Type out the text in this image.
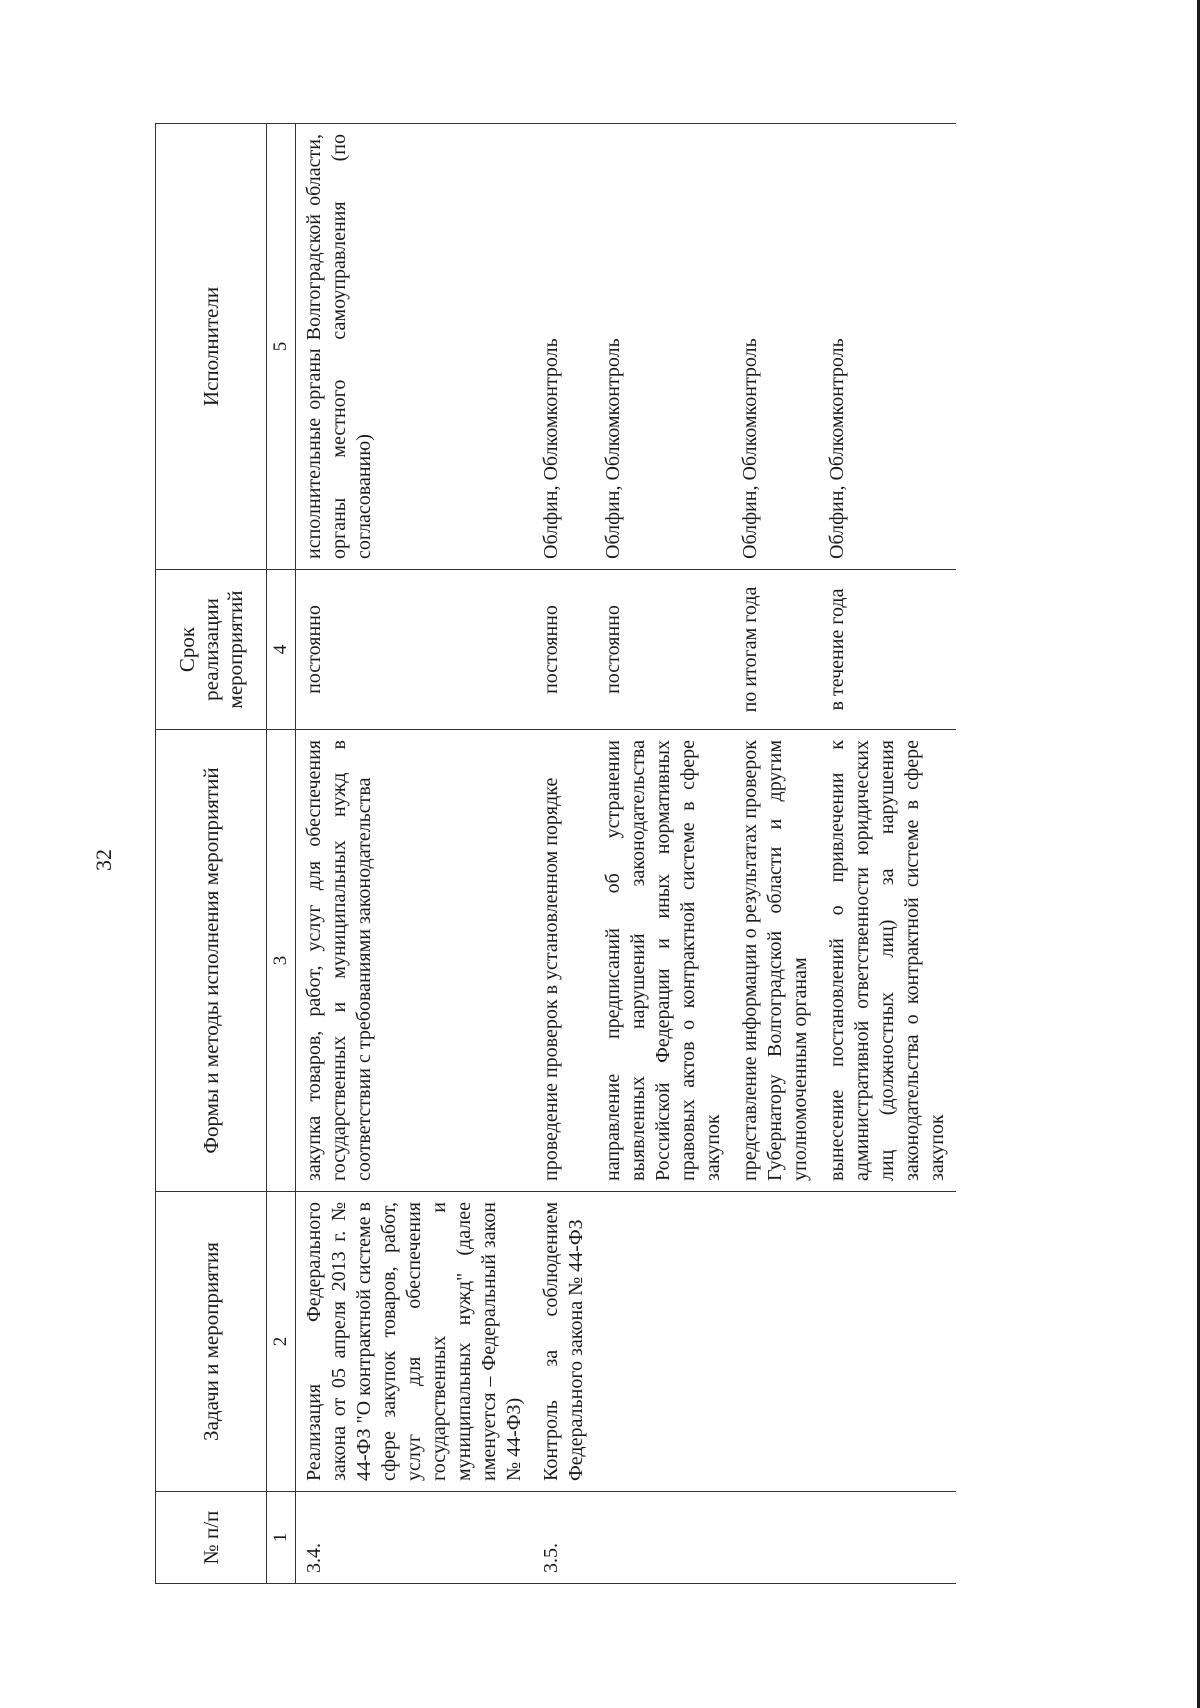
32
№ п/п	Задачи и мероприятия	Формы и методы исполнения мероприятий	Срок реализации мероприятий	Исполнители
1	2	3	4	5
3.4.	Реализация Федерального закона от 05 апреля 2013 г. № 44-ФЗ "О контрактной системе в сфере закупок товаров, работ, услуг для обеспечения государственных и муниципальных нужд" (далее именуется – Федеральный закон № 44-ФЗ)	закупка товаров, работ, услуг для обеспечения государственных и муниципальных нужд в соответствии с требованиями законодательства	постоянно	исполнительные органы Волгоградской области, органы местного самоуправления (по согласованию)
3.5.	Контроль за соблюдением Федерального закона № 44-ФЗ	проведение проверок в установленном порядке	постоянно	Облфин, Облкомконтроль
		направление предписаний об устранении выявленных нарушений законодательства Российской Федерации и иных нормативных правовых актов о контрактной системе в сфере закупок	постоянно	Облфин, Облкомконтроль
		представление информации о результатах проверок Губернатору Волгоградской области и другим уполномоченным органам	по итогам года	Облфин, Облкомконтроль
		вынесение постановлений о привлечении к административной ответственности юридических лиц (должностных лиц) за нарушения законодательства о контрактной системе в сфере закупок	в течение года	Облфин, Облкомконтроль
